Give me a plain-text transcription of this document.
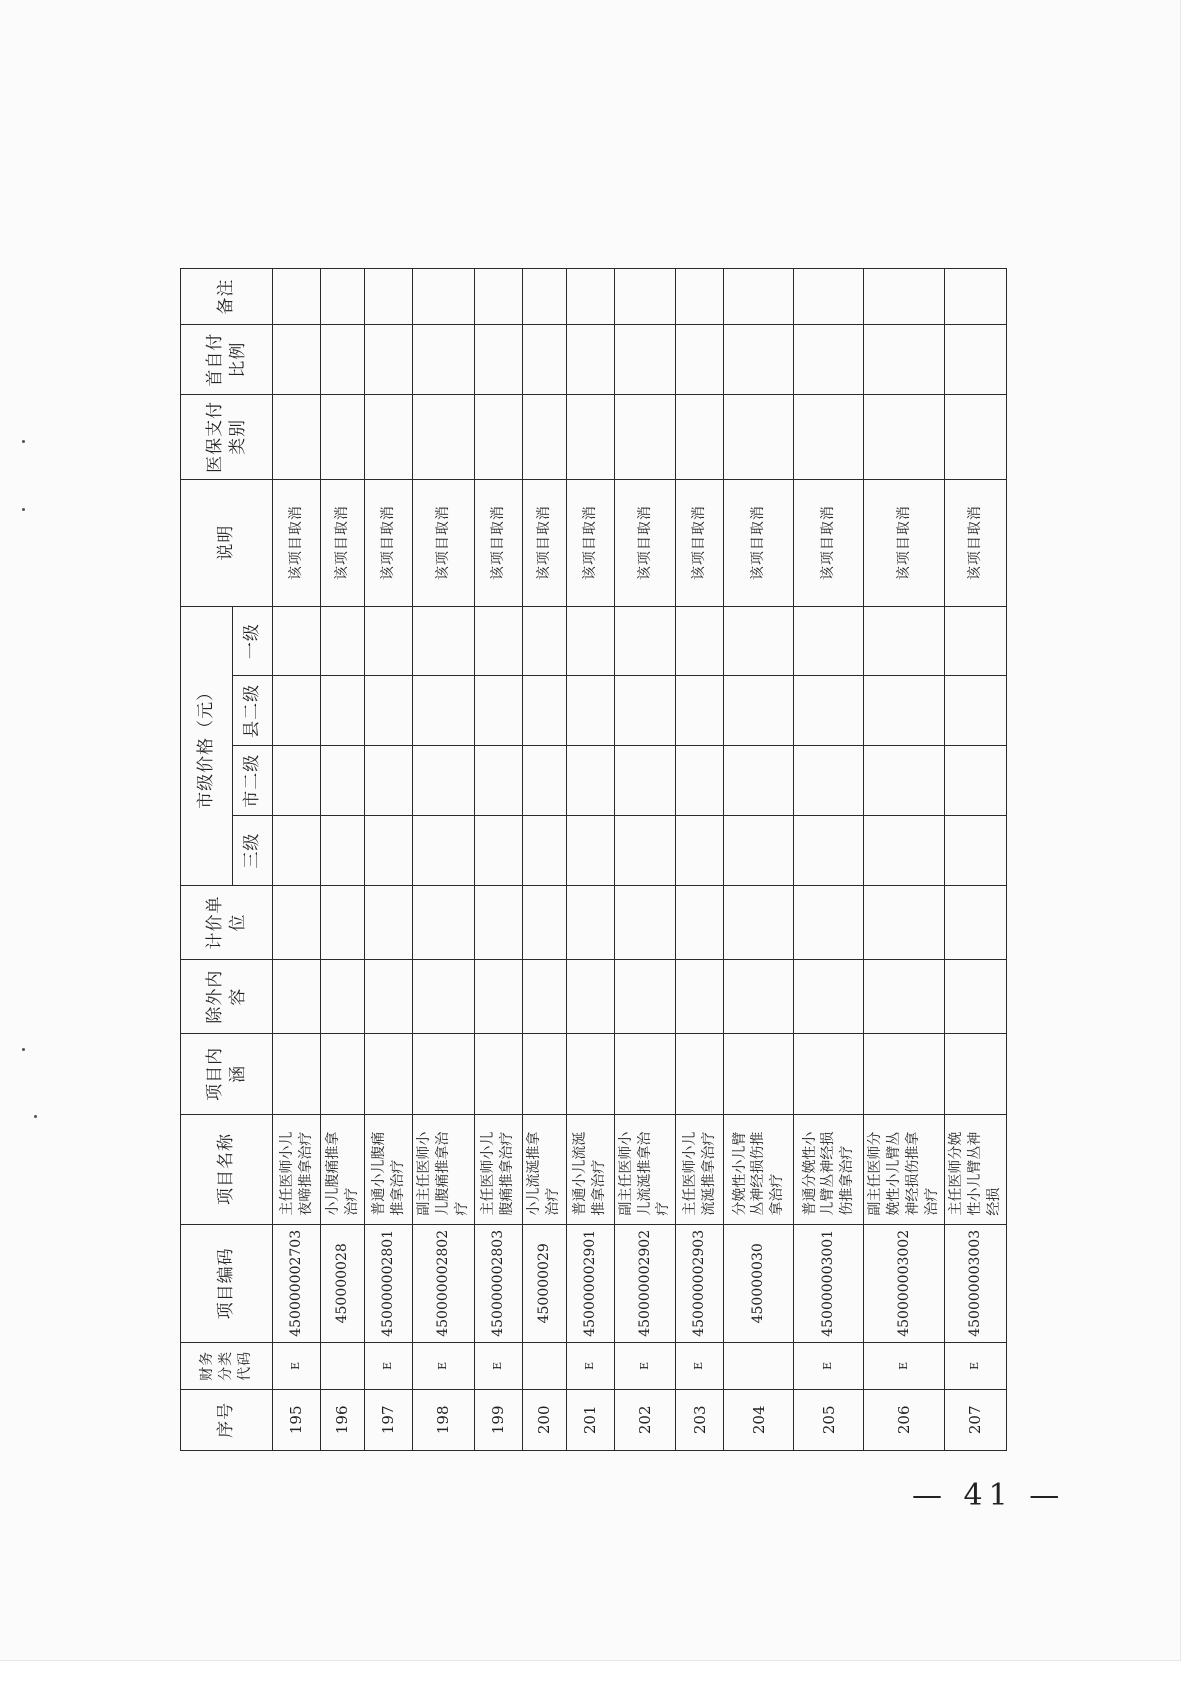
序号	财务分类代码	项目编码	项目名称	项目内涵	除外内容	计价单位	市级价格（元）				说明	医保支付类别	首自付比例	备注
							三级	市二级	县二级	一级				
195	E	450000002703	主任医师小儿夜啼推拿治疗								该项目取消			
196		450000028	小儿腹痛推拿治疗								该项目取消			
197	E	450000002801	普通小儿腹痛推拿治疗								该项目取消			
198	E	450000002802	副主任医师小儿腹痛推拿治疗								该项目取消			
199	E	450000002803	主任医师小儿腹痛推拿治疗								该项目取消			
200		450000029	小儿流涎推拿治疗								该项目取消			
201	E	450000002901	普通小儿流涎推拿治疗								该项目取消			
202	E	450000002902	副主任医师小儿流涎推拿治疗								该项目取消			
203	E	450000002903	主任医师小儿流涎推拿治疗								该项目取消			
204		450000030	分娩性小儿臂丛神经损伤推拿治疗								该项目取消			
205	E	450000003001	普通分娩性小儿臂丛神经损伤推拿治疗								该项目取消			
206	E	450000003002	副主任医师分娩性小儿臂丛神经损伤推拿治疗								该项目取消			
207	E	450000003003	主任医师分娩性小儿臂丛神经损								该项目取消			
— 41 —
